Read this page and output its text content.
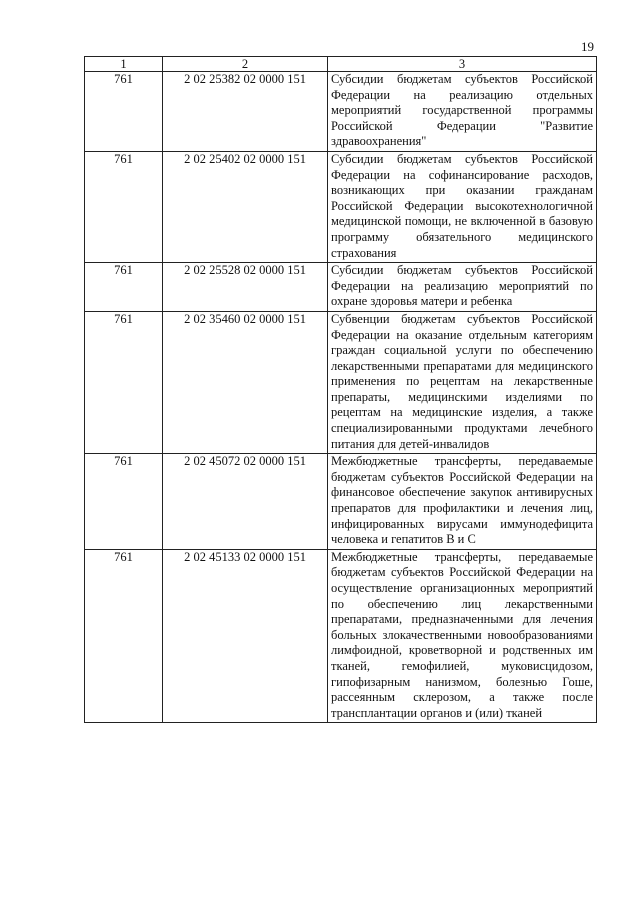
19
1	2	3
761	2 02 25382 02 0000 151	Субсидии бюджетам субъектов Российской Федерации на реализацию отдельных мероприятий государственной программы Российской Федерации "Развитие здравоохранения"
761	2 02 25402 02 0000 151	Субсидии бюджетам субъектов Российской Федерации на софинансирование расходов, возникающих при оказании гражданам Российской Федерации высокотехнологичной медицинской помощи, не включенной в базовую программу обязательного медицинского страхования
761	2 02 25528 02 0000 151	Субсидии бюджетам субъектов Российской Федерации на реализацию мероприятий по охране здоровья матери и ребенка
761	2 02 35460 02 0000 151	Субвенции бюджетам субъектов Российской Федерации на оказание отдельным категориям граждан социальной услуги по обеспечению лекарственными препаратами для медицинского применения по рецептам на лекарственные препараты, медицинскими изделиями по рецептам на медицинские изделия, а также специализированными продуктами лечебного питания для детей-инвалидов
761	2 02 45072 02 0000 151	Межбюджетные трансферты, передаваемые бюджетам субъектов Российской Федерации на финансовое обеспечение закупок антивирусных препаратов для профилактики и лечения лиц, инфицированных вирусами иммунодефицита человека и гепатитов В и С
761	2 02 45133 02 0000 151	Межбюджетные трансферты, передаваемые бюджетам субъектов Российской Федерации на осуществление организационных мероприятий по обеспечению лиц лекарственными препаратами, предназначенными для лечения больных злокачественными новообразованиями лимфоидной, кроветворной и родственных им тканей, гемофилией, муковисцидозом, гипофизарным нанизмом, болезнью Гоше, рассеянным склерозом, а также после трансплантации органов и (или) тканей
